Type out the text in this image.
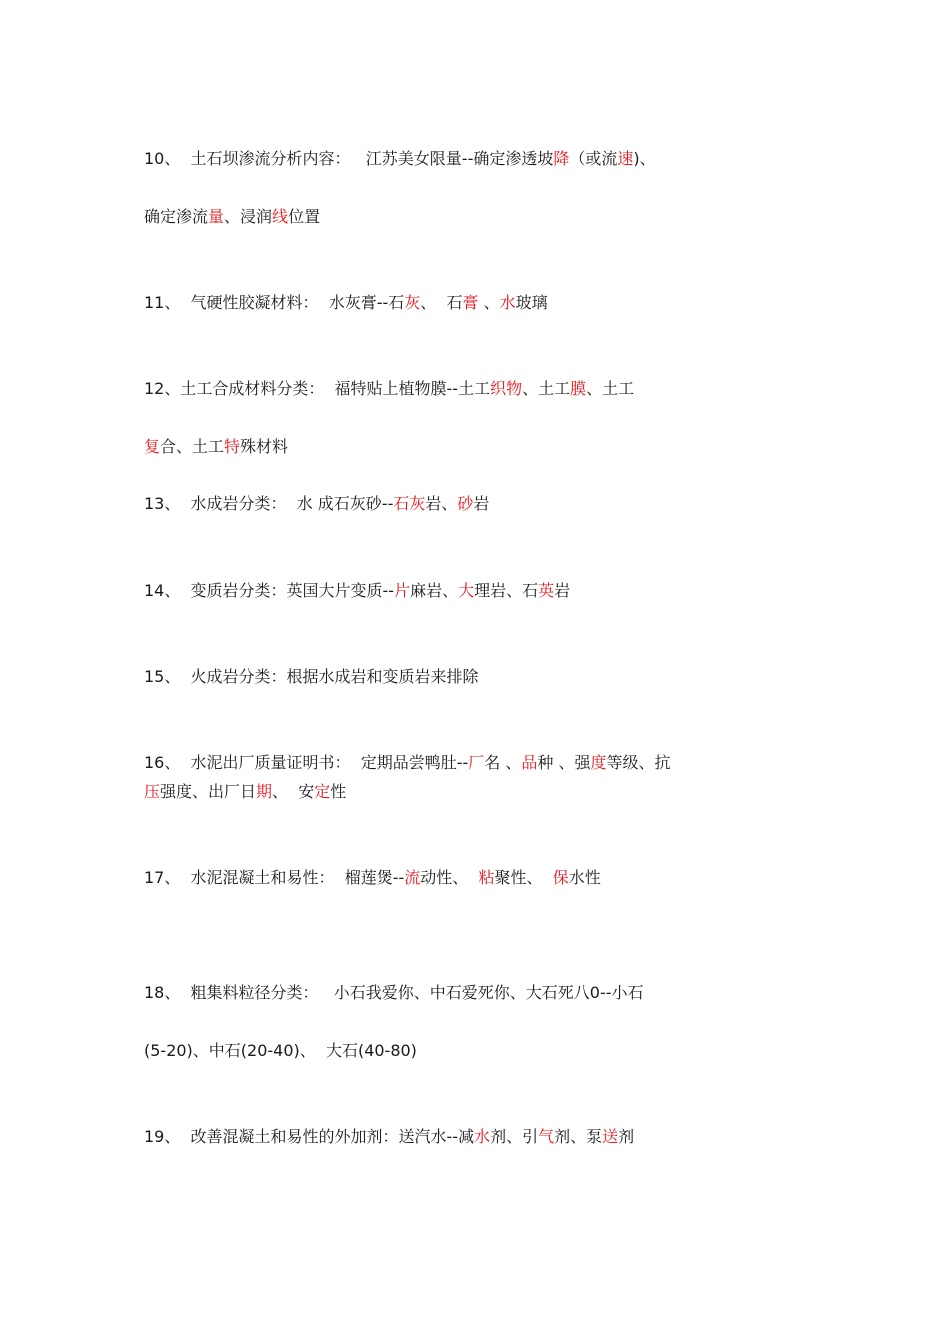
10、  土石坝渗流分析内容：   江苏美女限量--确定渗透坡降（或流速)、
确定渗流量、浸润线位置
11、  气硬性胶凝材料：  水灰膏--石灰、  石膏 、水玻璃
12、土工合成材料分类：  福特贴上植物膜--土工织物、土工膜、土工
复合、土工特殊材料
13、  水成岩分类：  水 成石灰砂--石灰岩、砂岩
14、  变质岩分类：英国大片变质--片麻岩、大理岩、石英岩
15、  火成岩分类：根据水成岩和变质岩来排除
16、  水泥出厂质量证明书：  定期品尝鸭肚--厂名 、品种 、强度等级、抗
压强度、出厂日期、  安定性
17、  水泥混凝土和易性：  榴莲煲--流动性、  粘聚性、  保水性
18、  粗集料粒径分类：   小石我爱你、中石爱死你、大石死八0--小石
(5-20)、中石(20-40)、  大石(40-80)
19、  改善混凝土和易性的外加剂：送汽水--减水剂、引气剂、泵送剂
